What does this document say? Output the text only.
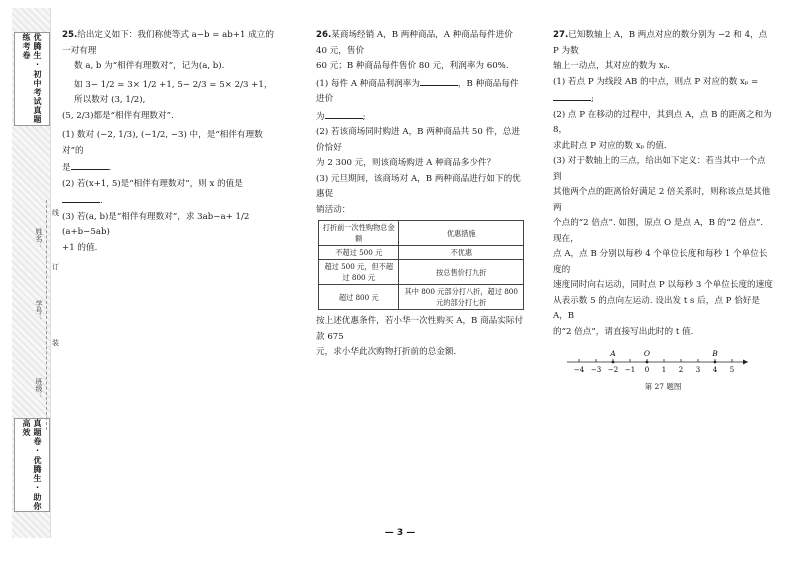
优腾生·初中考试真题练考卷
真题卷·优腾生·助你高效
姓名：
学号：
班级：
线
订
装

25.给出定义如下：我们称使等式 a−b = ab+1 成立的一对有理

数 a, b 为“相伴有理数对”，记为(a, b).

如 3− 1/2 = 3× 1/2 +1, 5− 2/3 = 5× 2/3 +1，所以数对 (3, 1/2),

(5, 2/3)都是“相伴有理数对”.

(1) 数对 (−2, 1/3), (−1/2, −3) 中，是“相伴有理数对”的

是	.

(2) 若(x+1, 5)是“相伴有理数对”，则 x 的值是.

(3) 若(a, b)是“相伴有理数对”，求 3ab−a+ 1/2 (a+b−5ab)

+1 的值.

26.某商场经销 A，B 两种商品，A 种商品每件进价 40 元，售价

60 元；B 种商品每件售价 80 元，利润率为 60%.

(1) 每件 A 种商品利润率为	，B 种商品每件进价

为	;

(2) 若该商场同时购进 A，B 两种商品共 50 件，总进价恰好

为 2 300 元，则该商场购进 A 种商品多少件？

(3) 元旦期间，该商场对 A，B 两种商品进行如下的优惠促

销活动：

打折前一次性购物总金额	优惠措施
不超过 500 元	不优惠
超过 500 元，但不超过 800 元	按总售价打九折
超过 800 元	其中 800 元部分打八折，超过 800 元的部分打七折

按上述优惠条件，若小华一次性购买 A，B 商品实际付款 675

元，求小华此次购物打折前的总金额.

27.已知数轴上 A，B 两点对应的数分别为 −2 和 4，点 P 为数

轴上一动点，其对应的数为 xₚ.

(1) 若点 P 为线段 AB 的中点，则点 P 对应的数 xₚ =;

(2) 点 P 在移动的过程中，其到点 A，点 B 的距离之和为 8，

求此时点 P 对应的数 xₚ 的值.

(3) 对于数轴上的三点，给出如下定义：若当其中一个点到

其他两个点的距离恰好满足 2 倍关系时，则称该点是其他两

个点的“2 倍点”. 如图，原点 O 是点 A，B 的“2 倍点”. 现在，

点 A，点 B 分别以每秒 4 个单位长度和每秒 1 个单位长度的

速度同时向右运动，同时点 P 以每秒 3 个单位长度的速度

从表示数 5 的点向左运动. 设出发 t s 后，点 P 恰好是 A，B

的“2 倍点”，请直接写出此时的 t 值.

−4 −3 −2 −1 0 1 2 3 4 5
A	O	B
第 27 题图
— 3 —
